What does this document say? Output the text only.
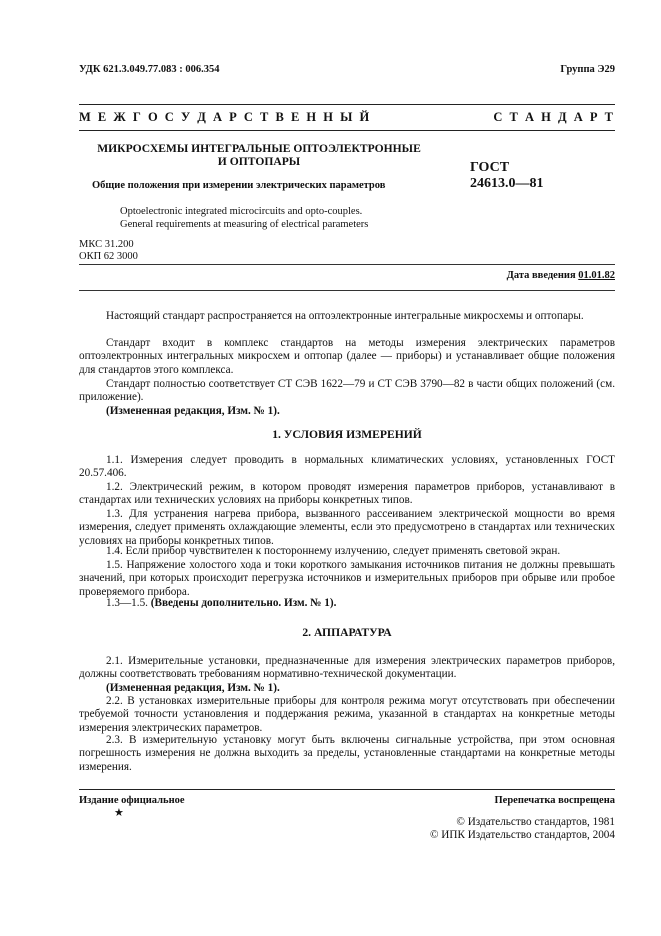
УДК 621.3.049.77.083 : 006.354	Группа Э29
М Е Ж Г О С У Д А Р С Т В Е Н Н Ы Й	С Т А Н Д А Р Т
МИКРОСХЕМЫ ИНТЕГРАЛЬНЫЕ ОПТОЭЛЕКТРОННЫЕ
И ОПТОПАРЫ
Общие положения при измерении электрических параметров
Optoelectronic integrated microcircuits and opto-couples.
General requirements at measuring of electrical parameters
ГОСТ
24613.0—81
МКС 31.200
ОКП 62 3000
Дата введения 01.01.82
Настоящий стандарт распространяется на оптоэлектронные интегральные микросхемы и оптопары.
Стандарт входит в комплекс стандартов на методы измерения электрических параметров оптоэлектронных интегральных микросхем и оптопар (далее — приборы) и устанавливает общие положения для стандартов этого комплекса.
Стандарт полностью соответствует СТ СЭВ 1622—79 и СТ СЭВ 3790—82 в части общих положений (см. приложение).
(Измененная редакция, Изм. № 1).
1. УСЛОВИЯ ИЗМЕРЕНИЙ
1.1. Измерения следует проводить в нормальных климатических условиях, установленных ГОСТ 20.57.406.
1.2. Электрический режим, в котором проводят измерения параметров приборов, устанавливают в стандартах или технических условиях на приборы конкретных типов.
1.3. Для устранения нагрева прибора, вызванного рассеиванием электрической мощности во время измерения, следует применять охлаждающие элементы, если это предусмотрено в стандартах или технических условиях на приборы конкретных типов.
1.4. Если прибор чувствителен к постороннему излучению, следует применять световой экран.
1.5. Напряжение холостого хода и токи короткого замыкания источников питания не должны превышать значений, при которых происходит перегрузка источников и измерительных приборов при обрыве или пробое проверяемого прибора.
1.3—1.5. (Введены дополнительно. Изм. № 1).
2. АППАРАТУРА
2.1. Измерительные установки, предназначенные для измерения электрических параметров приборов, должны соответствовать требованиям нормативно-технической документации.
(Измененная редакция, Изм. № 1).
2.2. В установках измерительные приборы для контроля режима могут отсутствовать при обеспечении требуемой точности установления и поддержания режима, указанной в стандартах на конкретные методы измерения электрических параметров.
2.3. В измерительную установку могут быть включены сигнальные устройства, при этом основная погрешность измерения не должна выходить за пределы, установленные стандартами на конкретные методы измерения.
Издание официальное
★
Перепечатка воспрещена
© Издательство стандартов, 1981
© ИПК Издательство стандартов, 2004
